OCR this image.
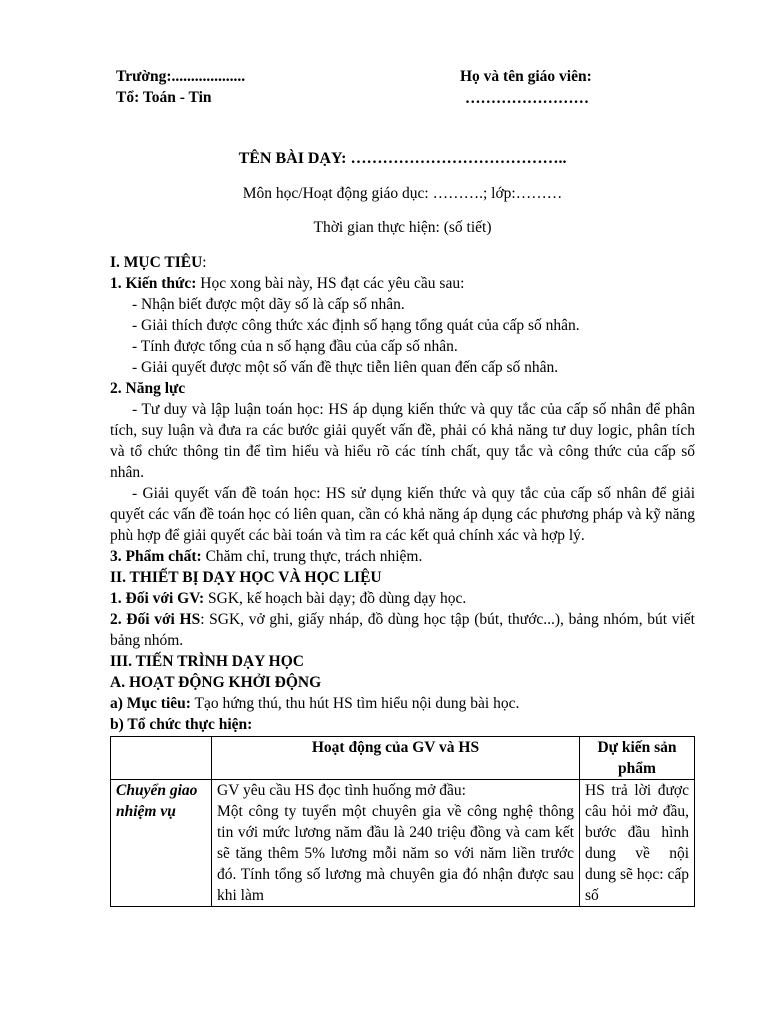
Trường:...................
Tổ: Toán - Tin
Họ và tên giáo viên:
……………………
TÊN BÀI DẠY: …………………………………..
Môn học/Hoạt động giáo dục: ……….; lớp:………
Thời gian thực hiện: (số tiết)

I. MỤC TIÊU:

1. Kiến thức: Học xong bài này, HS đạt các yêu cầu sau:

- Nhận biết được một dãy số là cấp số nhân.

- Giải thích được công thức xác định số hạng tổng quát của cấp số nhân.

- Tính được tổng của n số hạng đầu của cấp số nhân.

- Giải quyết được một số vấn đề thực tiễn liên quan đến cấp số nhân.

2. Năng lực

- Tư duy và lập luận toán học: HS áp dụng kiến thức và quy tắc của cấp số nhân để phân tích, suy luận và đưa ra các bước giải quyết vấn đề, phải có khả năng tư duy logic, phân tích và tổ chức thông tin để tìm hiểu và hiểu rõ các tính chất, quy tắc và công thức của cấp số nhân.

- Giải quyết vấn đề toán học: HS sử dụng kiến thức và quy tắc của cấp số nhân để giải quyết các vấn đề toán học có liên quan, cần có khả năng áp dụng các phương pháp và kỹ năng phù hợp để giải quyết các bài toán và tìm ra các kết quả chính xác và hợp lý.

3. Phẩm chất: Chăm chỉ, trung thực, trách nhiệm.

II. THIẾT BỊ DẠY HỌC VÀ HỌC LIỆU

1. Đối với GV: SGK, kế hoạch bài dạy; đồ dùng dạy học.

2. Đối với HS: SGK, vở ghi, giấy nháp, đồ dùng học tập (bút, thước...), bảng nhóm, bút viết bảng nhóm.

III. TIẾN TRÌNH DẠY HỌC

A. HOẠT ĐỘNG KHỞI ĐỘNG

a) Mục tiêu: Tạo hứng thú, thu hút HS tìm hiểu nội dung bài học.

b) Tổ chức thực hiện:

	Hoạt động của GV và HS	Dự kiến sản phẩm
Chuyển giao nhiệm vụ	GV yêu cầu HS đọc tình huống mở đầu:
Một công ty tuyển một chuyên gia về công nghệ thông tin với mức lương năm đầu là 240 triệu đồng và cam kết sẽ tăng thêm 5% lương mỗi năm so với năm liền trước đó. Tính tổng số lương mà chuyên gia đó nhận được sau khi làm	HS trả lời được câu hỏi mở đầu, bước đầu hình dung về nội dung sẽ học: cấp số
